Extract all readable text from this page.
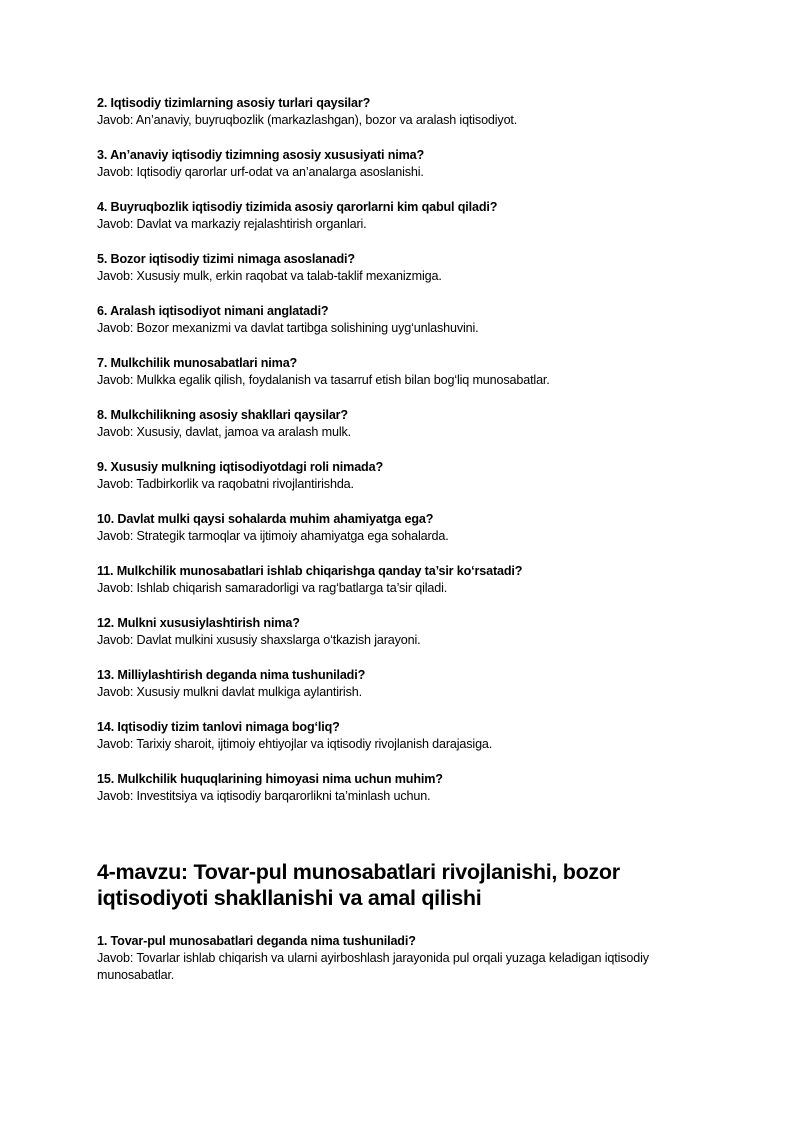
2. Iqtisodiy tizimlarning asosiy turlari qaysilar?
Javob: An’anaviy, buyruqbozlik (markazlashgan), bozor va aralash iqtisodiyot.
3. An’anaviy iqtisodiy tizimning asosiy xususiyati nima?
Javob: Iqtisodiy qarorlar urf-odat va an’analarga asoslanishi.
4. Buyruqbozlik iqtisodiy tizimida asosiy qarorlarni kim qabul qiladi?
Javob: Davlat va markaziy rejalashtirish organlari.
5. Bozor iqtisodiy tizimi nimaga asoslanadi?
Javob: Xususiy mulk, erkin raqobat va talab-taklif mexanizmiga.
6. Aralash iqtisodiyot nimani anglatadi?
Javob: Bozor mexanizmi va davlat tartibga solishining uyg‘unlashuvini.
7. Mulkchilik munosabatlari nima?
Javob: Mulkka egalik qilish, foydalanish va tasarruf etish bilan bog‘liq munosabatlar.
8. Mulkchilikning asosiy shakllari qaysilar?
Javob: Xususiy, davlat, jamoa va aralash mulk.
9. Xususiy mulkning iqtisodiyotdagi roli nimada?
Javob: Tadbirkorlik va raqobatni rivojlantirishda.
10. Davlat mulki qaysi sohalarda muhim ahamiyatga ega?
Javob: Strategik tarmoqlar va ijtimoiy ahamiyatga ega sohalarda.
11. Mulkchilik munosabatlari ishlab chiqarishga qanday ta’sir ko‘rsatadi?
Javob: Ishlab chiqarish samaradorligi va rag‘batlarga ta’sir qiladi.
12. Mulkni xususiylashtirish nima?
Javob: Davlat mulkini xususiy shaxslarga o‘tkazish jarayoni.
13. Milliylashtirish deganda nima tushuniladi?
Javob: Xususiy mulkni davlat mulkiga aylantirish.
14. Iqtisodiy tizim tanlovi nimaga bog‘liq?
Javob: Tarixiy sharoit, ijtimoiy ehtiyojlar va iqtisodiy rivojlanish darajasiga.
15. Mulkchilik huquqlarining himoyasi nima uchun muhim?
Javob: Investitsiya va iqtisodiy barqarorlikni ta’minlash uchun.
4-mavzu: Tovar-pul munosabatlari rivojlanishi, bozor iqtisodiyoti shakllanishi va amal qilishi
1. Tovar-pul munosabatlari deganda nima tushuniladi?
Javob: Tovarlar ishlab chiqarish va ularni ayirboshlash jarayonida pul orqali yuzaga keladigan iqtisodiy munosabatlar.
